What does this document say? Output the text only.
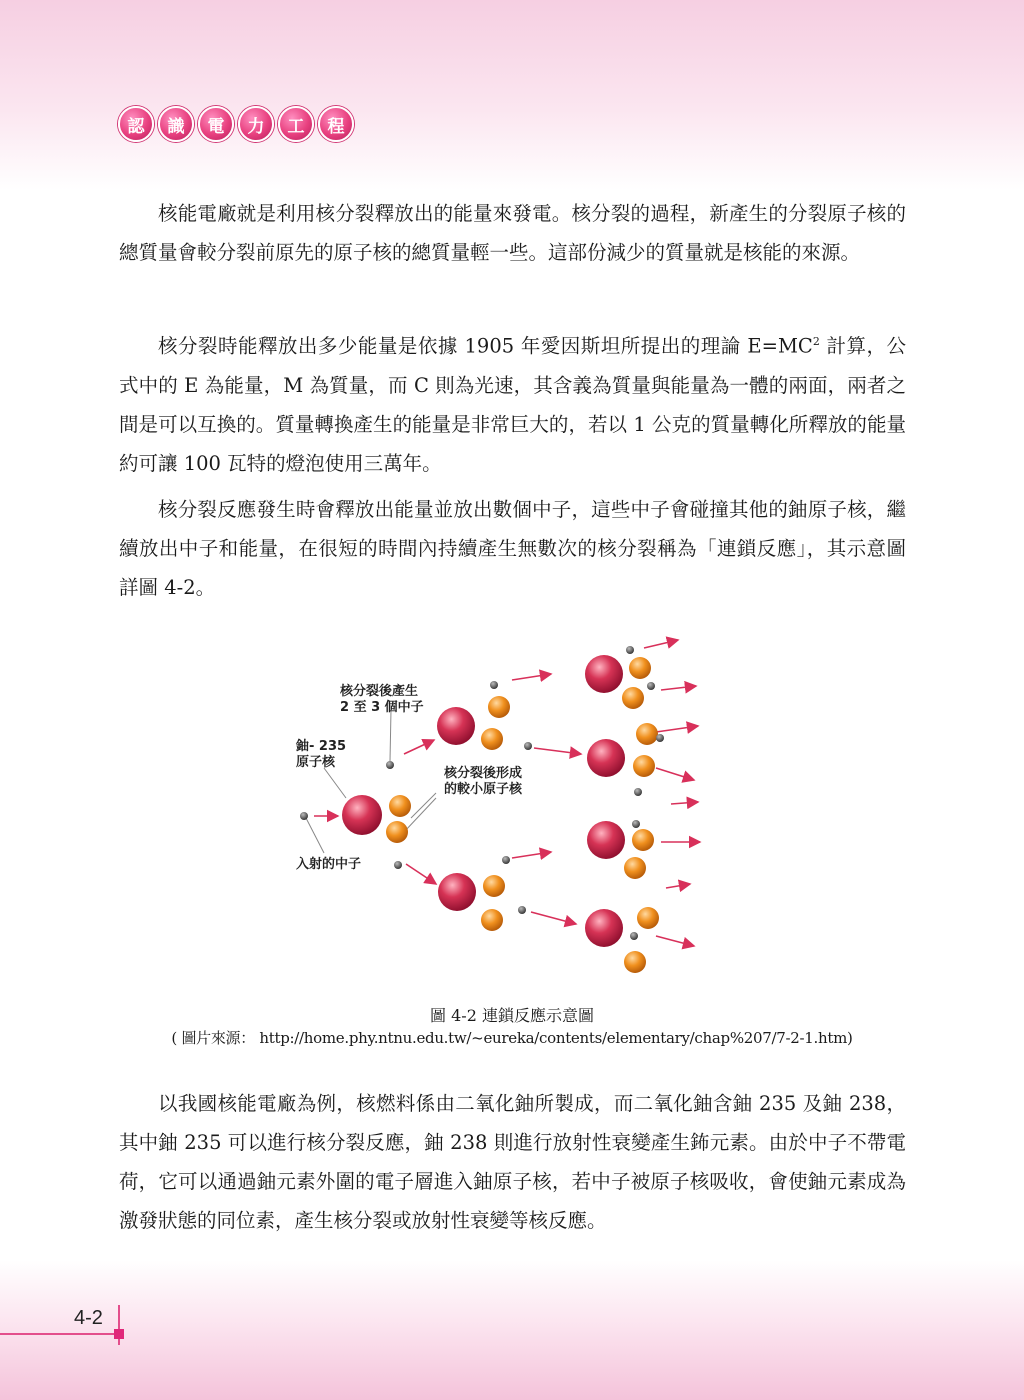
認	識	電	力	工	程

核能電廠就是利用核分裂釋放出的能量來發電。核分裂的過程，新產生的分裂原子核的總質量會較分裂前原先的原子核的總質量輕一些。這部份減少的質量就是核能的來源。

核分裂時能釋放出多少能量是依據 1905 年愛因斯坦所提出的理論 $E=MC^2$ 計算，公式中的 E 為能量，M 為質量，而 C 則為光速，其含義為質量與能量為一體的兩面，兩者之間是可以互換的。質量轉換產生的能量是非常巨大的，若以 1 公克的質量轉化所釋放的能量約可讓 100 瓦特的燈泡使用三萬年。

核分裂反應發生時會釋放出能量並放出數個中子，這些中子會碰撞其他的鈾原子核，繼續放出中子和能量，在很短的時間內持續產生無數次的核分裂稱為「連鎖反應」，其示意圖詳圖 4-2。

核分裂後產生
2 至 3 個中子
鈾- 235
原子核
核分裂後形成
的較小原子核
入射的中子
圖 4-2 連鎖反應示意圖
( 圖片來源： http://home.phy.ntnu.edu.tw/~eureka/contents/elementary/chap%207/7-2-1.htm)

以我國核能電廠為例，核燃料係由二氧化鈾所製成，而二氧化鈾含鈾 235 及鈾 238，其中鈾 235 可以進行核分裂反應，鈾 238 則進行放射性衰變產生鈽元素。由於中子不帶電荷，它可以通過鈾元素外圍的電子層進入鈾原子核，若中子被原子核吸收，會使鈾元素成為激發狀態的同位素，產生核分裂或放射性衰變等核反應。

4-2
